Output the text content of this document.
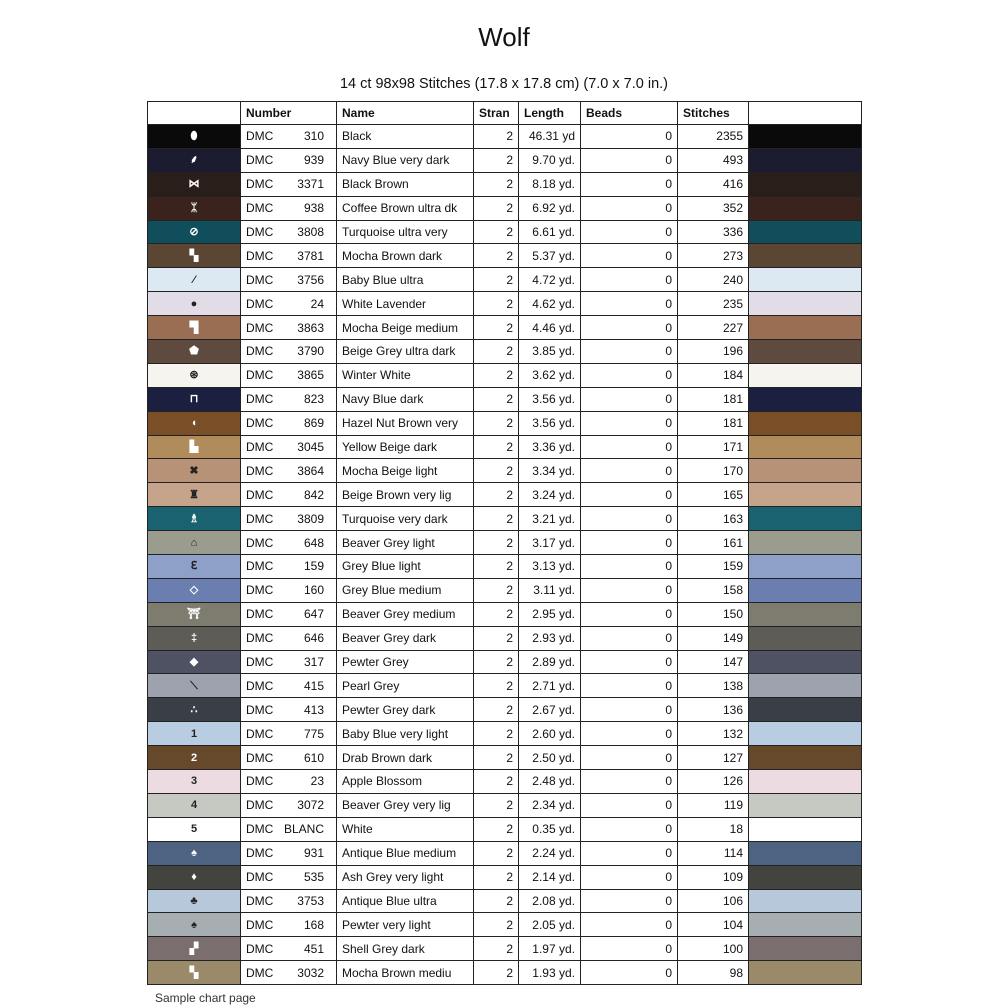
Wolf
14 ct 98x98 Stitches (17.8 x 17.8 cm) (7.0 x 7.0 in.)
	Number	Name	Stran	Length	Beads	Stitches	
⬮	DMC 310	Black	2	46.31 yd	0	2355	
⸙	DMC 939	Navy Blue very dark	2	9.70 yd.	0	493	
⋈	DMC 3371	Black Brown	2	8.18 yd.	0	416	
ᛯ	DMC 938	Coffee Brown ultra dk	2	6.92 yd.	0	352	
⊘	DMC 3808	Turquoise ultra very	2	6.61 yd.	0	336	
▚	DMC 3781	Mocha Brown dark	2	5.37 yd.	0	273	
⁄	DMC 3756	Baby Blue ultra	2	4.72 yd.	0	240	
●	DMC 24	White Lavender	2	4.62 yd.	0	235	
▜	DMC 3863	Mocha Beige medium	2	4.46 yd.	0	227	
⬟	DMC 3790	Beige Grey ultra dark	2	3.85 yd.	0	196	
⊛	DMC 3865	Winter White	2	3.62 yd.	0	184	
⊓	DMC 823	Navy Blue dark	2	3.56 yd.	0	181	
◖	DMC 869	Hazel Nut Brown very	2	3.56 yd.	0	181	
▙	DMC 3045	Yellow Beige dark	2	3.36 yd.	0	171	
✖	DMC 3864	Mocha Beige light	2	3.34 yd.	0	170	
♜	DMC 842	Beige Brown very lig	2	3.24 yd.	0	165	
♗	DMC 3809	Turquoise very dark	2	3.21 yd.	0	163	
⌂	DMC 648	Beaver Grey light	2	3.17 yd.	0	161	
ℇ	DMC 159	Grey Blue light	2	3.13 yd.	0	159	
◇	DMC 160	Grey Blue medium	2	3.11 yd.	0	158	
⛩	DMC 647	Beaver Grey medium	2	2.95 yd.	0	150	
‡	DMC 646	Beaver Grey dark	2	2.93 yd.	0	149	
◆	DMC 317	Pewter Grey	2	2.89 yd.	0	147	
⟍	DMC 415	Pearl Grey	2	2.71 yd.	0	138	
∴	DMC 413	Pewter Grey dark	2	2.67 yd.	0	136	
1	DMC 775	Baby Blue very light	2	2.60 yd.	0	132	
2	DMC 610	Drab Brown dark	2	2.50 yd.	0	127	
3	DMC 23	Apple Blossom	2	2.48 yd.	0	126	
4	DMC 3072	Beaver Grey very lig	2	2.34 yd.	0	119	
5	DMC BLANC	White	2	0.35 yd.	0	18	
♠	DMC 931	Antique Blue medium	2	2.24 yd.	0	114	
♦	DMC 535	Ash Grey very light	2	2.14 yd.	0	109	
♣	DMC 3753	Antique Blue ultra	2	2.08 yd.	0	106	
♠	DMC 168	Pewter very light	2	2.05 yd.	0	104	
▞	DMC 451	Shell Grey dark	2	1.97 yd.	0	100	
▚	DMC 3032	Mocha Brown mediu	2	1.93 yd.	0	98	
Sample chart page
